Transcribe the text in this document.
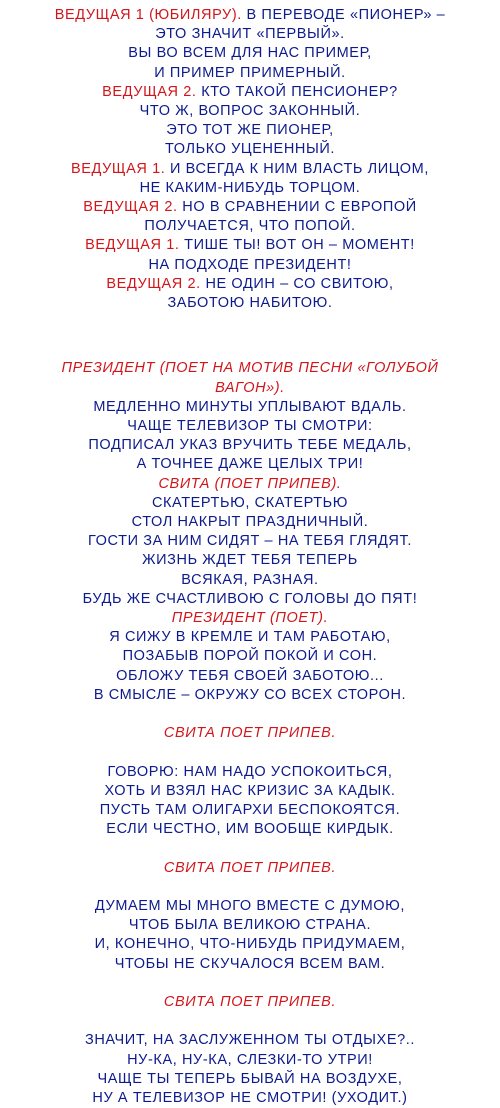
ВЕДУЩАЯ 1 (ЮБИЛЯРУ). В ПЕРЕВОДЕ «ПИОНЕР» –
ЭТО ЗНАЧИТ «ПЕРВЫЙ».
ВЫ ВО ВСЕМ ДЛЯ НАС ПРИМЕР,
И ПРИМЕР ПРИМЕРНЫЙ.
ВЕДУЩАЯ 2. КТО ТАКОЙ ПЕНСИОНЕР?
ЧТО Ж, ВОПРОС ЗАКОННЫЙ.
ЭТО ТОТ ЖЕ ПИОНЕР,
ТОЛЬКО УЦЕНЕННЫЙ.
ВЕДУЩАЯ 1. И ВСЕГДА К НИМ ВЛАСТЬ ЛИЦОМ,
НЕ КАКИМ-НИБУДЬ ТОРЦОМ.
ВЕДУЩАЯ 2. НО В СРАВНЕНИИ С ЕВРОПОЙ
ПОЛУЧАЕТСЯ, ЧТО ПОПОЙ.
ВЕДУЩАЯ 1. ТИШЕ ТЫ! ВОТ ОН – МОМЕНТ!
НА ПОДХОДЕ ПРЕЗИДЕНТ!
ВЕДУЩАЯ 2. НЕ ОДИН – СО СВИТОЮ,
ЗАБОТОЮ НАБИТОЮ.
ПРЕЗИДЕНТ (ПОЕТ НА МОТИВ ПЕСНИ «ГОЛУБОЙ
ВАГОН»).
МЕДЛЕННО МИНУТЫ УПЛЫВАЮТ ВДАЛЬ.
ЧАЩЕ ТЕЛЕВИЗОР ТЫ СМОТРИ:
ПОДПИСАЛ УКАЗ ВРУЧИТЬ ТЕБЕ МЕДАЛЬ,
А ТОЧНЕЕ ДАЖЕ ЦЕЛЫХ ТРИ!
СВИТА (ПОЕТ ПРИПЕВ).
СКАТЕРТЬЮ, СКАТЕРТЬЮ
СТОЛ НАКРЫТ ПРАЗДНИЧНЫЙ.
ГОСТИ ЗА НИМ СИДЯТ – НА ТЕБЯ ГЛЯДЯТ.
ЖИЗНЬ ЖДЕТ ТЕБЯ ТЕПЕРЬ
ВСЯКАЯ, РАЗНАЯ.
БУДЬ ЖЕ СЧАСТЛИВОЮ С ГОЛОВЫ ДО ПЯТ!
ПРЕЗИДЕНТ (ПОЕТ).
Я СИЖУ В КРЕМЛЕ И ТАМ РАБОТАЮ,
ПОЗАБЫВ ПОРОЙ ПОКОЙ И СОН.
ОБЛОЖУ ТЕБЯ СВОЕЙ ЗАБОТОЮ...
В СМЫСЛЕ – ОКРУЖУ СО ВСЕХ СТОРОН.
СВИТА ПОЕТ ПРИПЕВ.
ГОВОРЮ: НАМ НАДО УСПОКОИТЬСЯ,
ХОТЬ И ВЗЯЛ НАС КРИЗИС ЗА КАДЫК.
ПУСТЬ ТАМ ОЛИГАРХИ БЕСПОКОЯТСЯ.
ЕСЛИ ЧЕСТНО, ИМ ВООБЩЕ КИРДЫК.
СВИТА ПОЕТ ПРИПЕВ.
ДУМАЕМ МЫ МНОГО ВМЕСТЕ С ДУМОЮ,
ЧТОБ БЫЛА ВЕЛИКОЮ СТРАНА.
И, КОНЕЧНО, ЧТО-НИБУДЬ ПРИДУМАЕМ,
ЧТОБЫ НЕ СКУЧАЛОСЯ ВСЕМ ВАМ.
СВИТА ПОЕТ ПРИПЕВ.
ЗНАЧИТ, НА ЗАСЛУЖЕННОМ ТЫ ОТДЫХЕ?..
НУ-КА, НУ-КА, СЛЕЗКИ-ТО УТРИ!
ЧАЩЕ ТЫ ТЕПЕРЬ БЫВАЙ НА ВОЗДУХЕ,
НУ А ТЕЛЕВИЗОР НЕ СМОТРИ! (УХОДИТ.)
